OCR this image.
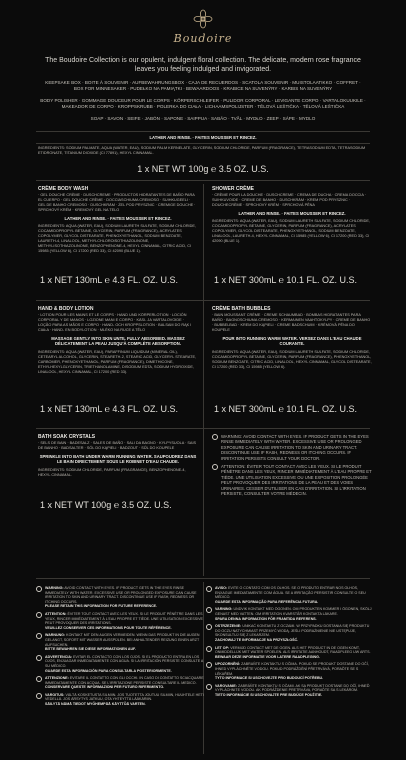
Boudoire
The Boudoire Collection is our opulent, indulgent floral collection. The delicate, modern rose fragrance leaves you feeling indulged and invigorated.
KEEPSAKE BOX · BOITE À SOUVENIR · AUFBEWAHRUNGSBOX · CAJA DE RECUERDOS · SCATOLA SOUVENIR · MUISTOLAATIKKO · COFFRET · BOX FOR MINNESAKER · PUDEŁKO NA PAMIĄTKI · BEWAARDOOS · KRABICE NA SUVENÝRY · KARBIS NA SUVENÝRY
BODY POLISHER · GOMMAGE DOUCEUR POUR LE CORPS · KÖRPERSCHLEIFER · PULIDOR CORPORAL · LEVIGANTE CORPO · VARTALOKUUKILE · MAKEADOR DE CORPO · KROPPSKRUBB · POLERKA DO CIAŁA · LICHAAMSPOLIJSTER · TĚLOVÁ LEŠTIČKA · TĚLOVÁ LEŠTIČKA
SOAP · SAVON · SEIFE · JABÓN · SAPONE · SAIPPUA · SABÃO · TVÅL · MYDŁO · ZEEP · SÁPE · MYDLO
LATHER AND RINSE. · FAITES MOUSSER ET RINCEZ.
INGREDIENTS: SODIUM PALMATE, AQUA (WATER, EAU), SODIUM PALM KERNELATE, GLYCERIN, SODIUM CHLORIDE, PARFUM (FRAGRANCE), TETRASODIUM EDTA, TETRASODIUM ETIDRONATE, TITANIUM DIOXIDE (CI 77891), HEXYL CINNAMAL.
1 x NET WT 100g ℮ 3.5 OZ. U.S.
CRÈME BODY WASH
· GEL DOUCHE CRÈME · DUSCHCREME · PRODUCTOS HIDRATANTES DE BAÑO PARA EL CUERPO · GEL DOUCHE CRÈME · DOCCIASCHIUMA CREMOSO · SUIHKUGEELI · GEL DE BANHO CREMOSO · DUSCHKRÄM · ŻEL POD PRYSZNIC · CREMIGE DOUCHE · SPRCHOVÝ KRÉM · KREMOVÝ GEL NA TELO
LATHER AND RINSE. · FAITES MOUSSER ET RINCEZ.
INGREDIENTS: AQUA (WATER, EAU), SODIUM LAURETH SULFATE, SODIUM CHLORIDE, COCAMIDOPROPYL BETAINE, GLYCERIN, PARFUM (FRAGRANCE), ACRYLATES COPOLYMER, GLYCOL DISTEARATE, PHENOXYETHANOL, SODIUM BENZOATE, LAURETH-4, LINALOOL, METHYLCHLOROISOTHIAZOLINONE, METHYLISOTHIAZOLINONE, BENZOPHENONE-4, HEXYL CINNAMAL, CITRIC ACID, CI 15985 (YELLOW 6), CI 17200 (RED 33), CI 42090 (BLUE 1).
1 x NET 130mL ℮ 4.3 FL. OZ. U.S.
SHOWER CRÈME
· CRÈME POUR LA DOUCHE · DUSCHCREME · CREMA DE DUCHA · CREMA DOCCIA · SUIHKUVOIDE · CREME DE BANHO · DUSCHKRÄM · KREM POD PRYSZNIC · DOUCHECRÈME · SPRCHOVÝ KRÉM · SPRCHOVÁ PĚNA
LATHER AND RINSE. · FAITES MOUSSER ET RINCEZ.
INGREDIENTS: AQUA (WATER, EAU), SODIUM LAURETH SULFATE, SODIUM CHLORIDE, COCAMIDOPROPYL BETAINE, GLYCERIN, PARFUM (FRAGRANCE), ACRYLATES COPOLYMER, GLYCOL DISTEARATE, PHENOXYETHANOL, SODIUM BENZOATE, LINALOOL, LAURETH-4, HEXYL CINNAMAL, CI 15985 (YELLOW 6), CI 17200 (RED 33), CI 42090 (BLUE 1).
1 x NET 300mL ℮ 10.1 FL. OZ. U.S.
HAND & BODY LOTION
· LOTION POUR LES MAINS ET LE CORPS · HAND UND KÖRPERLOTION · LOCIÓN CORPORAL Y DE MANOS · LOZIONE MANI E CORPO · KÄSI- JA VARTALOVOIDE · LOÇÃO PARA AS MÃOS E CORPO · HAND- OCH KROPPSLOTION · BALSAM DO RĄK I CIAŁA · HAND- EN BODYLOTION · MLÉKO NA RUCE A TĚLO
MASSAGE GENTLY INTO SKIN UNTIL FULLY ABSORBED. MASSEZ DÉLICATEMENT LA PEAU JUSQU'À COMPLÈTE ABSORPTION.
INGREDIENTS: AQUA (WATER, EAU), PARAFFINUM LIQUIDUM (MINERAL OIL), CETEARYL ALCOHOL, GLYCERIN, STEARETH-2, STEARIC ACID, GLYCERYL STEARATE, CARBOMER, PHENOXYETHANOL, PARFUM (FRAGRANCE), DIMETHICONE, ETHYLHEXYLGLYCERIN, TRIETHANOLAMINE, DISODIUM EDTA, SODIUM HYDROXIDE, LINALOOL, HEXYL CINNAMAL, CI 17200 (RED 33).
1 x NET 130mL ℮ 4.3 FL. OZ. U.S.
CRÈME BATH BUBBLES
· BAIN MOUSSANT CRÈME · CREME SCHAUMBAD · BOMBAS HIDRATANTES PARA BAÑO · BAGNOSCHIUMA CREMOSO · KERMAINEN VAAHTOKYLPY · CREME DE BANHO · BUBBELBAD · KREM DO KĄPIELI · CREME BADSCHUIM · KRÉMOVÁ PĚNA DO KOUPELE
POUR INTO RUNNING WARM WATER. VERSEZ DANS L'EAU CHAUDE COURANTE.
INGREDIENTS: AQUA (WATER, EAU), SODIUM LAURETH SULFATE, SODIUM CHLORIDE, COCAMIDOPROPYL BETAINE, GLYCERIN, PARFUM (FRAGRANCE), PHENOXYETHANOL, SODIUM BENZOATE, CITRIC ACID, LINALOOL, HEXYL CINNAMAL, GLYCOL DISTEARATE, CI 17200 (RED 33), CI 15985 (YELLOW 6).
1 x NET 300mL ℮ 10.1 FL. OZ. U.S.
BATH SOAK CRYSTALS
· SELS DE BAIN · BADESALZ · SALES DE BAÑO · SALI DA BAGNO · KYLPYSUOLA · SAIS DE BANHO · BADSALTER · SÓL DO KĄPIELI · BADZOUT · SŮL DO KOUPELE
SPRINKLE INTO BATH UNDER WARM RUNNING WATER. SAUPOUDREZ DANS LE BAIN DIRECTEMENT SOUS LE ROBINET D'EAU CHAUDE.
INGREDIENTS: SODIUM CHLORIDE, PARFUM (FRAGRANCE), BENZOPHENONE-4, HEXYL CINNAMAL.
1 x NET WT 100g ℮ 3.5 OZ. U.S.
WARNING: AVOID CONTACT WITH EYES. IF PRODUCT GETS IN THE EYES RINSE IMMEDIATELY WITH WATER. EXCESSIVE USE OR PROLONGED EXPOSURE CAN CAUSE IRRITATION TO SKIN AND URINARY TRACT. DISCONTINUE USE IF RASH, REDNESS OR ITCHING OCCURS. IF IRRITATION PERSISTS CONSULT YOUR DOCTOR.
ATTENTION: ÉVITER TOUT CONTACT AVEC LES YEUX. SI LE PRODUIT PÉNÈTRE DANS LES YEUX, RINCER IMMÉDIATEMENT À L'EAU PROPRE ET TIÈDE. UNE UTILISATION EXCESSIVE OU UNE EXPOSITION PROLONGÉE PEUT PROVOQUER DES IRRITATIONS DE LA PEAU ET DES VOIES URINAIRES. CESSER D'UTILISER EN CAS D'IRRITATION. SI L'IRRITATION PERSISTE, CONSULTER VOTRE MÉDECIN.
WARNING: AVOID CONTACT WITH EYES. IF PRODUCT GETS IN THE EYES RINSE IMMEDIATELY WITH WATER. EXCESSIVE USE OR PROLONGED EXPOSURE CAN CAUSE IRRITATION TO SKIN AND URINARY TRACT. DISCONTINUE USE IF RASH, REDNESS OR ITCHING OCCURS.
PLEASE RETAIN THIS INFORMATION FOR FUTURE REFERENCE.
ATTENTION: ÉVITER TOUT CONTACT AVEC LES YEUX. SI LE PRODUIT PÉNÈTRE DANS LES YEUX, RINCER IMMÉDIATEMENT À L'EAU PROPRE ET TIÈDE. UNE UTILISATION EXCESSIVE PEUT PROVOQUER DES IRRITATIONS.
VEUILLEZ CONSERVER CES INFORMATIONS POUR TOUTE RÉFÉRENCE.
WARNUNG: KONTAKT MIT DEN AUGEN VERMEIDEN. WENN DAS PRODUKT IN DIE AUGEN GELANGT, SOFORT MIT WASSER AUSSPÜLEN. BEI ANHALTENDER REIZUNG EINEN ARZT AUFSUCHEN.
BITTE BEWAHREN SIE DIESE INFORMATIONEN AUF.
ADVERTENCIA: EVITAR EL CONTACTO CON LOS OJOS. SI EL PRODUCTO ENTRA EN LOS OJOS, ENJUAGAR INMEDIATAMENTE CON AGUA. SI LA IRRITACIÓN PERSISTE CONSULTE A SU MÉDICO.
GUARDE ESTA INFORMACIÓN PARA CONSULTARLA POSTERIORMENTE.
ATTENZIONE: EVITARE IL CONTATTO CON GLI OCCHI. IN CASO DI CONTATTO SCIACQUARE IMMEDIATAMENTE CON ACQUA. SE L'IRRITAZIONE PERSISTE CONSULTARE IL MEDICO.
CONSERVARE QUESTE INFORMAZIONI PER FUTURO RIFERIMENTO.
VAROITUS: VÄLTÄ KOSKETUSTA SILMIIN. JOS TUOTETTA JOUTUU SILMIIN, HUUHTELE HETI VEDELLÄ. JOS ÄRSYTYS JATKUU, OTA YHTEYTTÄ LÄÄKÄRIIN.
SÄILYTÄ NÄMÄ TIEDOT MYÖHEMPÄÄ KÄYTTÖÄ VARTEN.
AVISO: EVITE O CONTATO COM OS OLHOS. SE O PRODUTO ENTRAR NOS OLHOS, ENXAGUE IMEDIATAMENTE COM ÁGUA. SE A IRRITAÇÃO PERSISTIR CONSULTE O SEU MÉDICO.
GUARDE ESTA INFORMAÇÃO PARA REFERÊNCIA FUTURA.
VARNING: UNDVIK KONTAKT MED ÖGONEN. OM PRODUKTEN KOMMER I ÖGONEN, SKÖLJ GENAST MED VATTEN. OM IRRITATION KVARSTÅR KONTAKTA LÄKARE.
SPARA DENNA INFORMATION FÖR FRAMTIDA REFERENS.
OSTRZEŻENIE: UNIKAĆ KONTAKTU Z OCZAMI. W PRZYPADKU DOSTANIA SIĘ PRODUKTU DO OCZU NATYCHMIAST PRZEMYĆ WODĄ. JEŚLI PODRAŻNIENIE NIE USTĘPUJE, SKONSULTUJ SIĘ Z LEKARZEM.
ZACHOWAJ TE INFORMACJE NA PRZYSZŁOŚĆ.
LET OP: VERMIJD CONTACT MET DE OGEN. ALS HET PRODUCT IN DE OGEN KOMT, ONMIDDELLIJK MET WATER SPOELEN. ALS IRRITATIE AANHOUDT, RAADPLEEG UW ARTS.
BEWAAR DEZE INFORMATIE VOOR LATERE RAADPLEGING.
UPOZORNĚNÍ: ZABRAŇTE KONTAKTU S OČIMA. POKUD SE PRODUKT DOSTANE DO OČÍ, IHNED VYPLÁCHNĚTE VODOU. POKUD PODRÁŽDĚNÍ PŘETRVÁVÁ, PORAĎTE SE S LÉKAŘEM.
TYTO INFORMACE SI USCHOVEJTE PRO BUDOUCÍ POTŘEBU.
VAROVANIE: ZABRÁŇTE KONTAKTU S OČAMI. AK SA PRODUKT DOSTANE DO OČÍ, IHNEĎ VYPLÁCHNITE VODOU. AK PODRÁŽDENIE PRETRVÁVA, PORAĎTE SA S LEKÁROM.
TIETO INFORMÁCIE SI USCHOVAJTE PRE BUDÚCE POUŽITIE.
